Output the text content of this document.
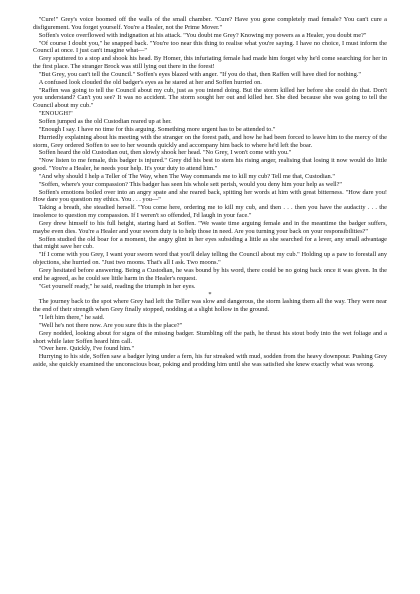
"Cure!" Grey's voice boomed off the walls of the small chamber. "Cure? Have you gone completely mad female? You can't cure a disfigurement. You forget yourself. You're a Healer, not the Prime Mover."

Soffen's voice overflowed with indignation at his attack. "You doubt me Grey? Knowing my powers as a Healer, you doubt me?"

"Of course I doubt you," he snapped back. "You're too near this thing to realise what you're saying. I have no choice, I must inform the Council at once. I just can't imagine what—"

Grey sputtered to a stop and shook his head. By Homer, this infuriating female had made him forget why he'd come searching for her in the first place. The stranger Brock was still lying out there in the forest!

"But Grey, you can't tell the Council." Soffen's eyes blazed with anger. "If you do that, then Raffen will have died for nothing."

A confused look clouded the old badger's eyes as he stared at her and Soffen hurried on.

"Raffen was going to tell the Council about my cub, just as you intend doing. But the storm killed her before she could do that. Don't you understand? Can't you see? It was no accident. The storm sought her out and killed her. She died because she was going to tell the Council about my cub."

"ENOUGH!"

Soffen jumped as the old Custodian reared up at her.

"Enough I say. I have no time for this arguing. Something more urgent has to be attended to."

Hurriedly explaining about his meeting with the stranger on the forest path, and how he had been forced to leave him to the mercy of the storm, Grey ordered Soffen to see to her wounds quickly and accompany him back to where he'd left the boar.

Soffen heard the old Custodian out, then slowly shook her head. "No Grey, I won't come with you."

"Now listen to me female, this badger is injured." Grey did his best to stem his rising anger, realising that losing it now would do little good. "You're a Healer, he needs your help. It's your duty to attend him."

"And why should I help a Teller of The Way, when The Way commands me to kill my cub? Tell me that, Custodian."

"Soffen, where's your compassion? This badger has seen his whole sett perish, would you deny him your help as well?"

Soffen's emotions boiled over into an angry spate and she reared back, spitting her words at him with great bitterness. "How dare you! How dare you question my ethics. You . . . you—"

Taking a breath, she steadied herself. "You come here, ordering me to kill my cub, and then . . . then you have the audacity . . . the insolence to question my compassion. If I weren't so offended, I'd laugh in your face."

Grey drew himself to his full height, staring hard at Soffen. "We waste time arguing female and in the meantime the badger suffers, maybe even dies. You're a Healer and your sworn duty is to help those in need. Are you turning your back on your responsibilities?"

Soffen studied the old boar for a moment, the angry glint in her eyes subsiding a little as she searched for a lever, any small advantage that might save her cub.

"If I come with you Grey, I want your sworn word that you'll delay telling the Council about my cub." Holding up a paw to forestall any objections, she hurried on. "Just two moons. That's all I ask. Two moons."

Grey hesitated before answering. Being a Custodian, he was bound by his word, there could be no going back once it was given. In the end he agreed, as he could see little harm in the Healer's request.

"Get yourself ready," he said, reading the triumph in her eyes.

*

The journey back to the spot where Grey had left the Teller was slow and dangerous, the storm lashing them all the way. They were near the end of their strength when Grey finally stopped, nodding at a slight hollow in the ground.

"I left him there," he said.

"Well he's not there now. Are you sure this is the place?"

Grey nodded, looking about for signs of the missing badger. Stumbling off the path, he thrust his stout body into the wet foliage and a short while later Soffen heard him call.

"Over here. Quickly, I've found him."

Hurrying to his side, Soffen saw a badger lying under a fern, his fur streaked with mud, sodden from the heavy downpour. Pushing Grey aside, she quickly examined the unconscious boar, poking and prodding him until she was satisfied she knew exactly what was wrong.
